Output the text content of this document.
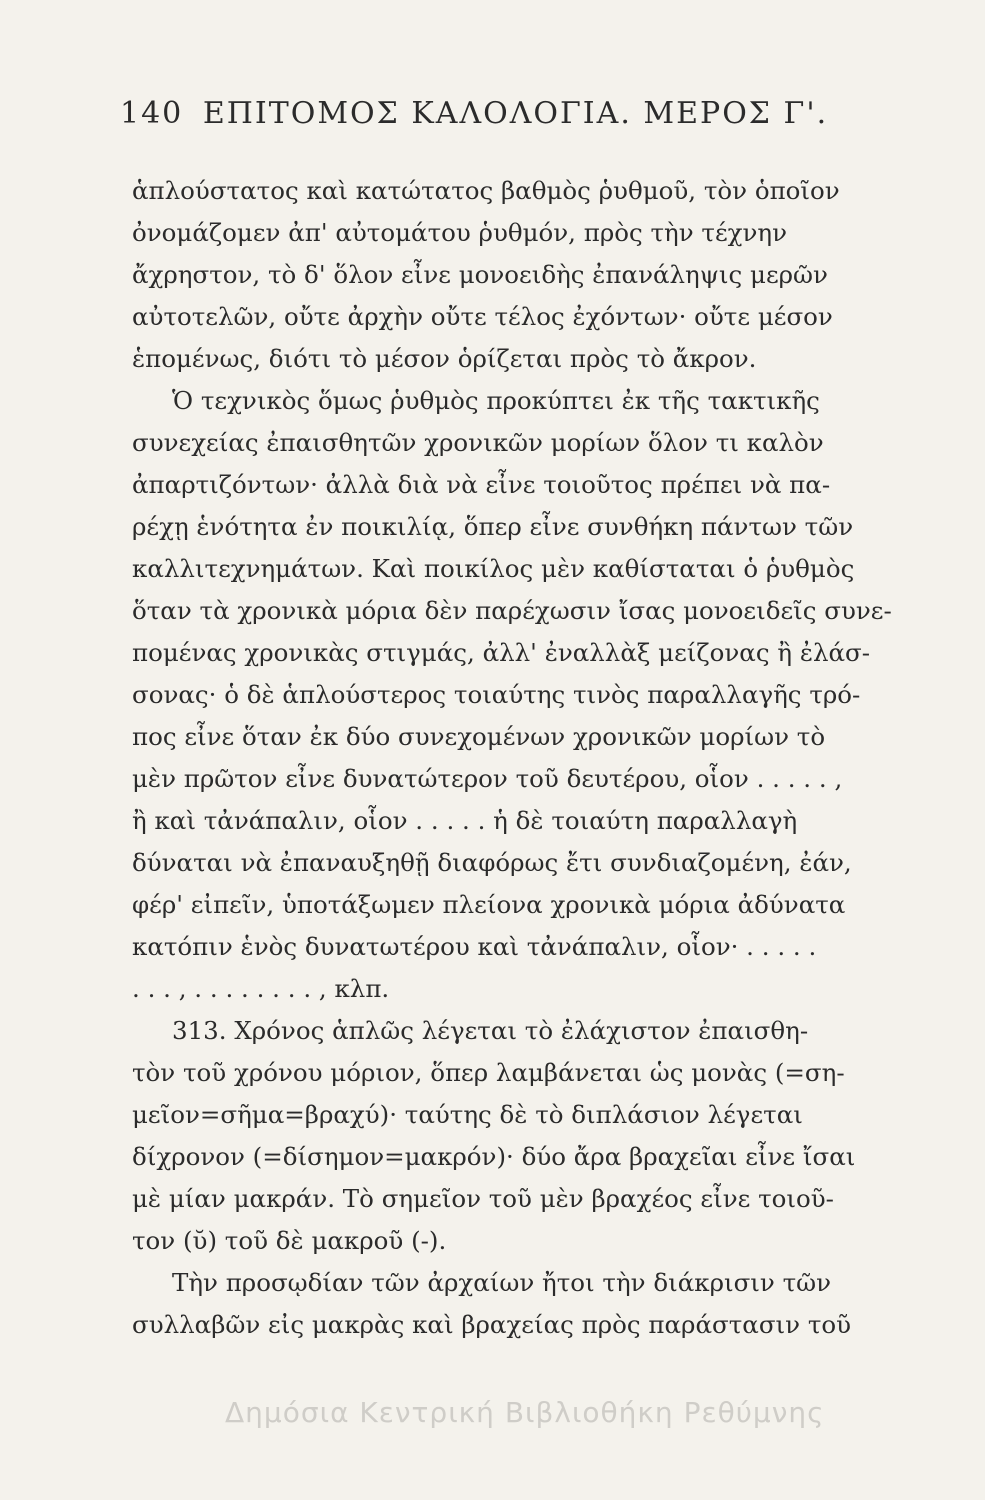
140 ΕΠΙΤΟΜΟΣ ΚΑΛΟΛΟΓΙΑ. ΜΕΡΟΣ Γ'.
ἁπλούστατος καὶ κατώτατος βαθμὸς ῥυθμοῦ, τὸν ὁποῖον
ὀνομάζομεν ἀπ' αὐτομάτου ῥυθμόν, πρὸς τὴν τέχνην
ἄχρηστον, τὸ δ' ὅλον εἶνε μονοειδὴς ἐπανάληψις μερῶν
αὐτοτελῶν, οὔτε ἀρχὴν οὔτε τέλος ἐχόντων· οὔτε μέσον
ἑπομένως, διότι τὸ μέσον ὁρίζεται πρὸς τὸ ἄκρον.
Ὁ τεχνικὸς ὅμως ῥυθμὸς προκύπτει ἐκ τῆς τακτικῆς
συνεχείας ἐπαισθητῶν χρονικῶν μορίων ὅλον τι καλὸν
ἀπαρτιζόντων· ἀλλὰ διὰ νὰ εἶνε τοιοῦτος πρέπει νὰ πα-
ρέχῃ ἑνότητα ἐν ποικιλίᾳ, ὅπερ εἶνε συνθήκη πάντων τῶν
καλλιτεχνημάτων. Καὶ ποικίλος μὲν καθίσταται ὁ ῥυθμὸς
ὅταν τὰ χρονικὰ μόρια δὲν παρέχωσιν ἴσας μονοειδεῖς συνε-
πομένας χρονικὰς στιγμάς, ἀλλ' ἐναλλὰξ μείζονας ἢ ἐλάσ-
σονας· ὁ δὲ ἁπλούστερος τοιαύτης τινὸς παραλλαγῆς τρό-
πος εἶνε ὅταν ἐκ δύο συνεχομένων χρονικῶν μορίων τὸ
μὲν πρῶτον εἶνε δυνατώτερον τοῦ δευτέρου, οἷον . . . . . ,
ἢ καὶ τἀνάπαλιν, οἷον . . . . . ἡ δὲ τοιαύτη παραλλαγὴ
δύναται νὰ ἐπαναυξηθῇ διαφόρως ἔτι συνδιαζομένη, ἐάν,
φέρ' εἰπεῖν, ὑποτάξωμεν πλείονα χρονικὰ μόρια ἀδύνατα
κατόπιν ἑνὸς δυνατωτέρου καὶ τἀνάπαλιν, οἷον· . . . . .
. . . , . . . . . . . . , κλπ.
313. Χρόνος ἁπλῶς λέγεται τὸ ἐλάχιστον ἐπαισθη-
τὸν τοῦ χρόνου μόριον, ὅπερ λαμβάνεται ὡς μονὰς (=ση-
μεῖον=σῆμα=βραχύ)· ταύτης δὲ τὸ διπλάσιον λέγεται
δίχρονον (=δίσημον=μακρόν)· δύο ἄρα βραχεῖαι εἶνε ἴσαι
μὲ μίαν μακράν. Τὸ σημεῖον τοῦ μὲν βραχέος εἶνε τοιοῦ-
τον (ῠ) τοῦ δὲ μακροῦ (-).
Τὴν προσῳδίαν τῶν ἀρχαίων ἤτοι τὴν διάκρισιν τῶν
συλλαβῶν εἰς μακρὰς καὶ βραχείας πρὸς παράστασιν τοῦ
Δημόσια Κεντρική Βιβλιοθήκη Ρεθύμνης
